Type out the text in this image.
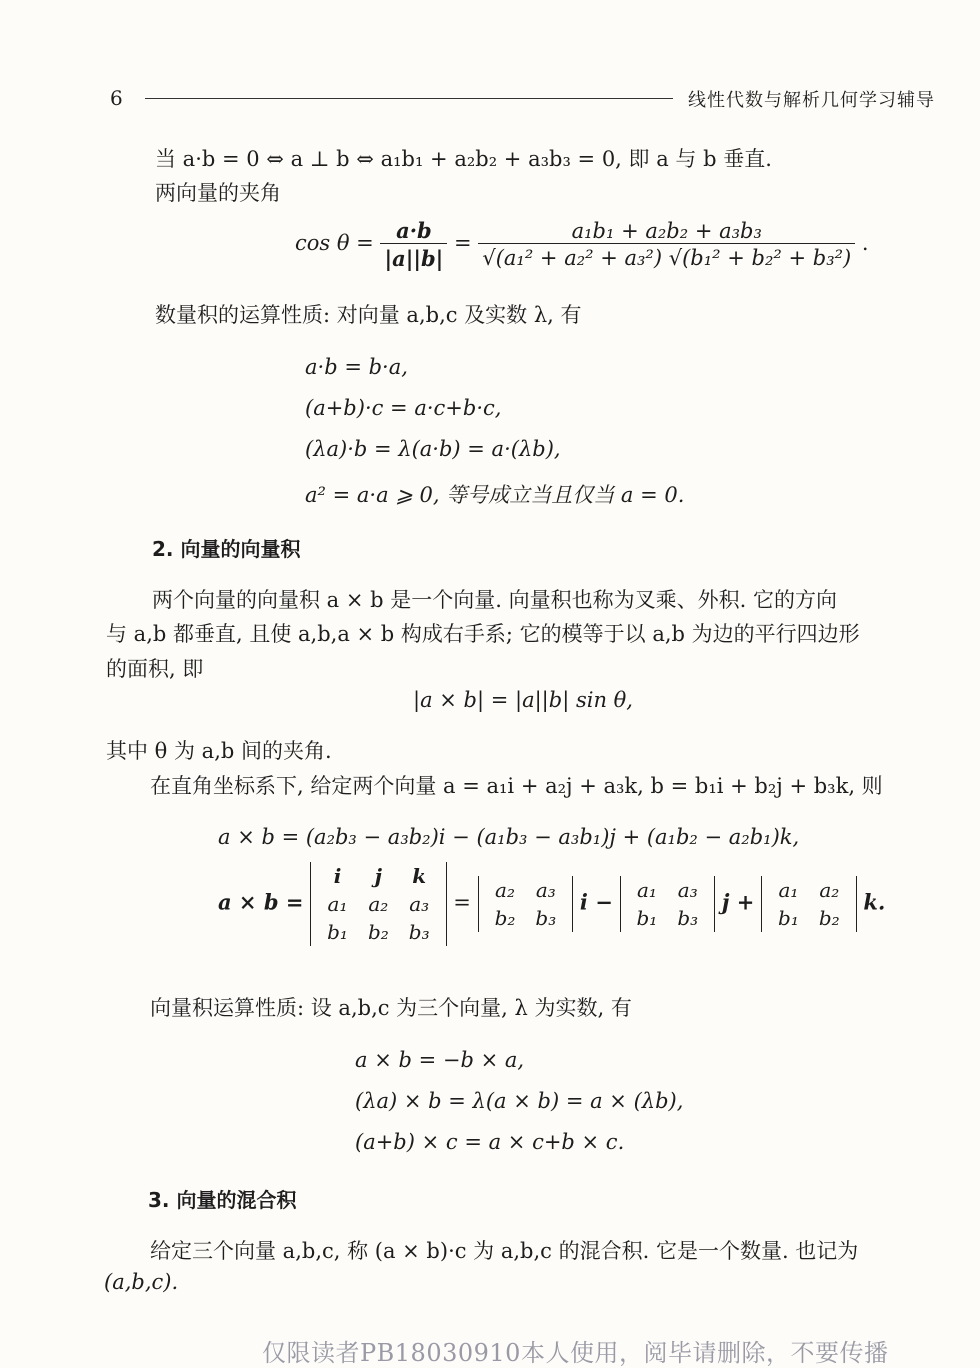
6	线性代数与解析几何学习辅导
当 a·b = 0 ⇔ a ⊥ b ⇔ a₁b₁ + a₂b₂ + a₃b₃ = 0, 即 a 与 b 垂直.
两向量的夹角
$\cos \theta = \frac{a\cdot b}{|a||b|} = \frac{\text{a₁b₁ + a₂b₂ + a₃b₃}}{\text{√(a₁² + a₂² + a₃²) √(b₁² + b₂² + b₃²)}}$ .
数量积的运算性质: 对向量 a,b,c 及实数 λ, 有
a·b = b·a,
(a+b)·c = a·c+b·c,
(λa)·b = λ(a·b) = a·(λb),
a² = a·a ⩾ 0, 等号成立当且仅当 a = 0.
2. 向量的向量积
两个向量的向量积 a × b 是一个向量. 向量积也称为叉乘、外积. 它的方向
与 a,b 都垂直, 且使 a,b,a × b 构成右手系; 它的模等于以 a,b 为边的平行四边形
的面积, 即
|a × b| = |a||b| sin θ,
其中 θ 为 a,b 间的夹角.
在直角坐标系下, 给定两个向量 a = a₁i + a₂j + a₃k, b = b₁i + b₂j + b₃k, 则
a × b = (a₂b₃ − a₃b₂)i − (a₁b₃ − a₃b₁)j + (a₁b₂ − a₂b₁)k,
a × b =
i	j	k
a₁	a₂	a₃
b₁	b₂	b₃
=
a₂	a₃
b₂	b₃
i − a₁	a₃
b₁	b₃
j + a₁	a₂
b₁	b₂
k.
向量积运算性质: 设 a,b,c 为三个向量, λ 为实数, 有
a × b = −b × a,
(λa) × b = λ(a × b) = a × (λb),
(a+b) × c = a × c+b × c.
3. 向量的混合积
给定三个向量 a,b,c, 称 (a × b)·c 为 a,b,c 的混合积. 它是一个数量. 也记为
(a,b,c).
仅限读者PB18030910本人使用，阅毕请删除，不要传播
